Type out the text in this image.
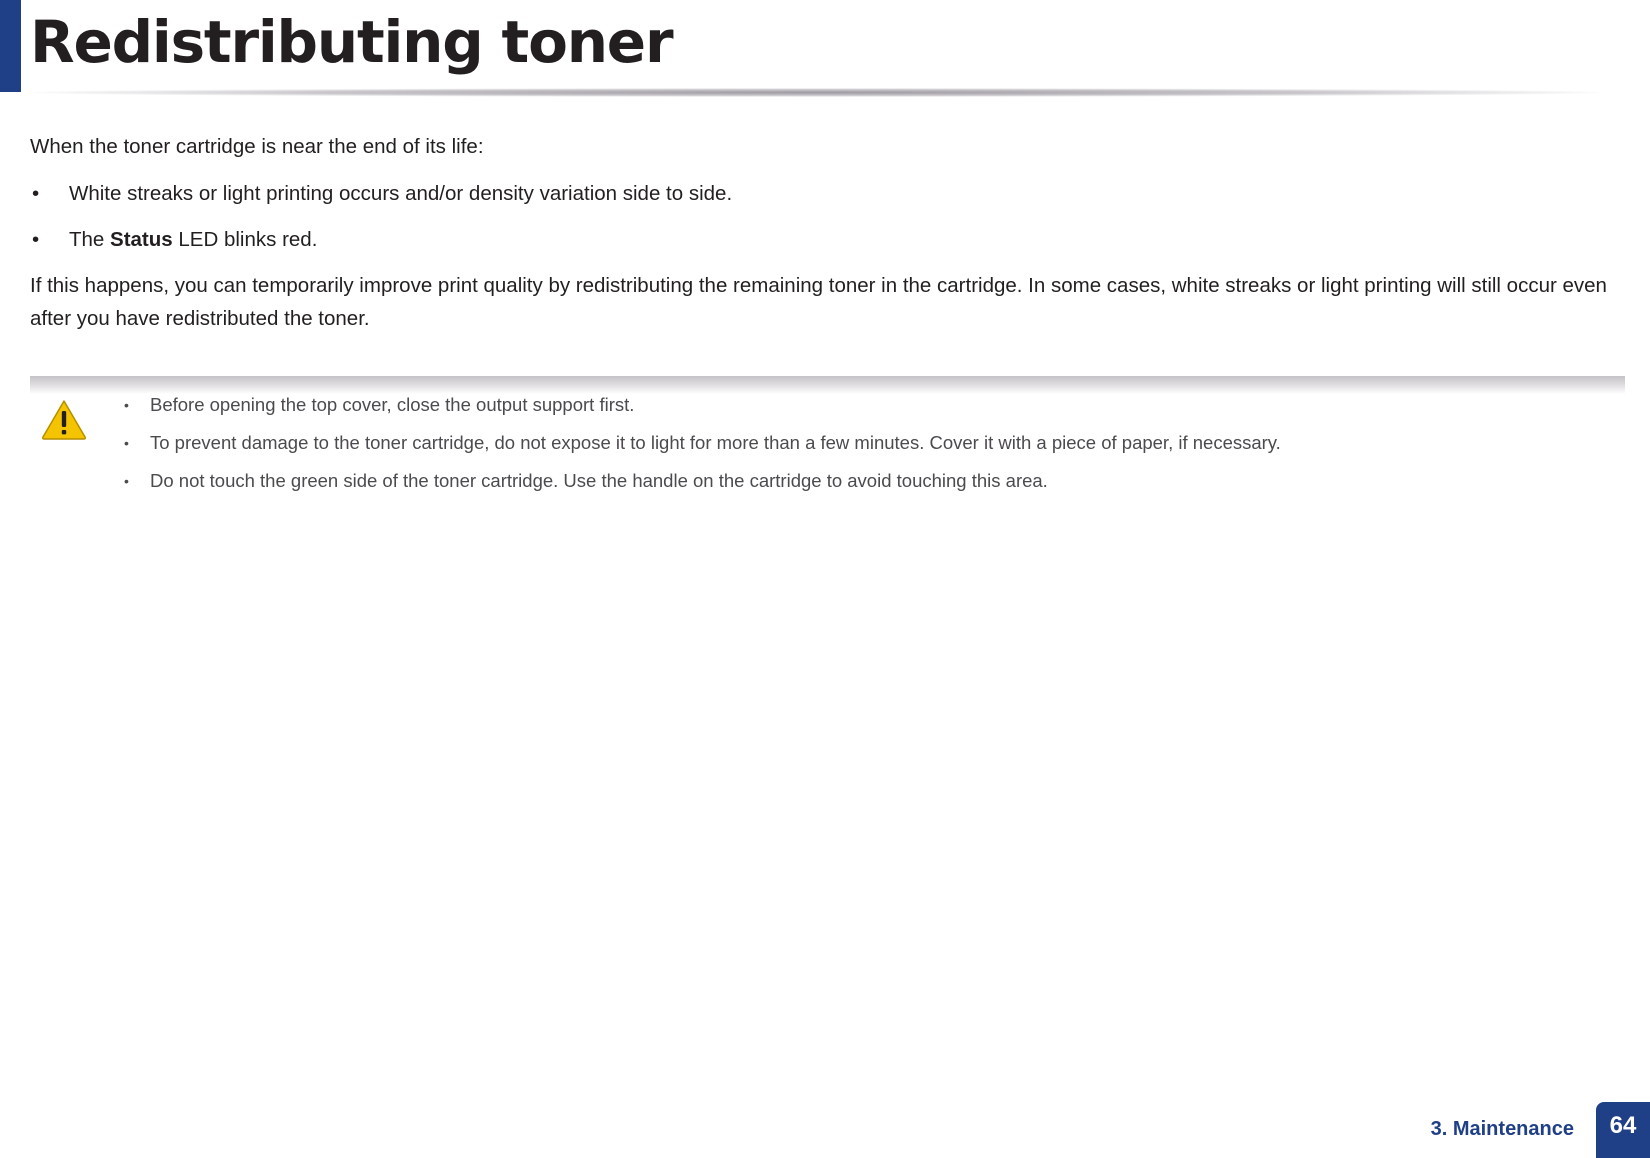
Redistributing toner

When the toner cartridge is near the end of its life:

• White streaks or light printing occurs and/or density variation side to side.
• The Status LED blinks red.

If this happens, you can temporarily improve print quality by redistributing the remaining toner in the cartridge. In some cases, white streaks or light printing will still occur even after you have redistributed the toner.

• Before opening the top cover, close the output support first.
• To prevent damage to the toner cartridge, do not expose it to light for more than a few minutes. Cover it with a piece of paper, if necessary.
• Do not touch the green side of the toner cartridge. Use the handle on the cartridge to avoid touching this area.
3. Maintenance	64
